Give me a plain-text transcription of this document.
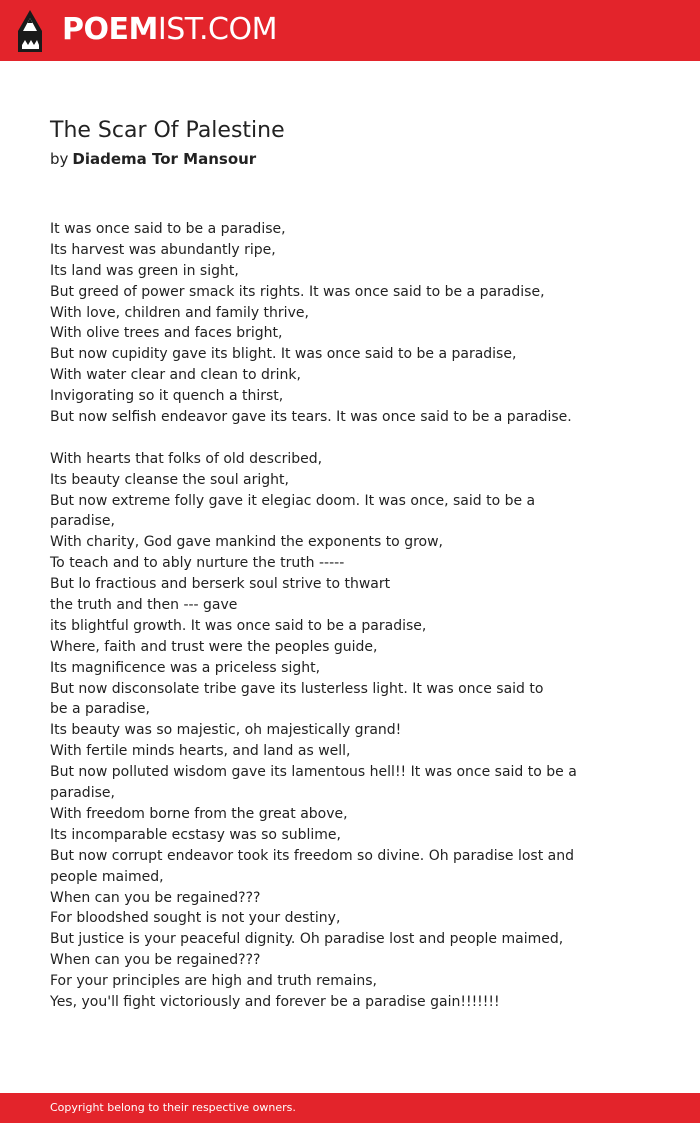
POEMIST.COM
The Scar Of Palestine
by Diadema Tor Mansour
It was once said to be a paradise,
Its harvest was abundantly ripe,
Its land was green in sight,
But greed of power smack its rights. It was once said to be a paradise,
With love, children and family thrive,
With olive trees and faces bright,
But now cupidity gave its blight. It was once said to be a paradise,
With water clear and clean to drink,
Invigorating so it quench a thirst,
But now selfish endeavor gave its tears. It was once said to be a paradise.
With hearts that folks of old described,
Its beauty cleanse the soul aright,
But now extreme folly gave it elegiac doom. It was once, said to be a
paradise,
With charity, God gave mankind the exponents to grow,
To teach and to ably nurture the truth -----
But lo fractious and berserk soul strive to thwart
the truth and then --- gave
its blightful growth. It was once said to be a paradise,
Where, faith and trust were the peoples guide,
Its magnificence was a priceless sight,
But now disconsolate tribe gave its lusterless light. It was once said to
be a paradise,
Its beauty was so majestic, oh majestically grand!
With fertile minds hearts, and land as well,
But now polluted wisdom gave its lamentous hell!! It was once said to be a
paradise,
With freedom borne from the great above,
Its incomparable ecstasy was so sublime,
But now corrupt endeavor took its freedom so divine. Oh paradise lost and
people maimed,
When can you be regained???
For bloodshed sought is not your destiny,
But justice is your peaceful dignity. Oh paradise lost and people maimed,
When can you be regained???
For your principles are high and truth remains,
Yes, you'll fight victoriously and forever be a paradise gain!!!!!!!
Copyright belong to their respective owners.
